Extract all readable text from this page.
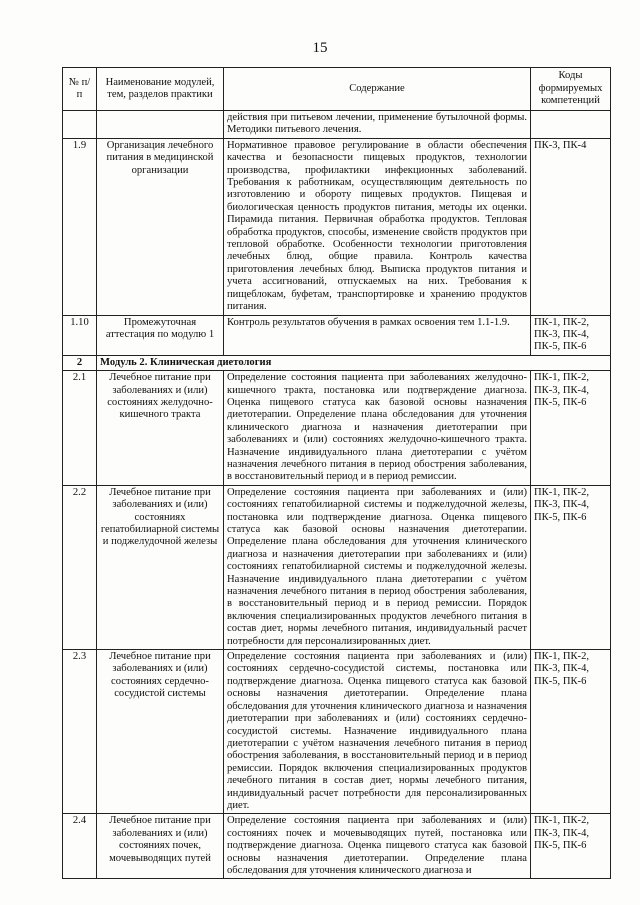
15
№ п/п	Наименование модулей, тем, разделов практики	Содержание	Коды формируемых компетенций
		действия при питьевом лечении, применение бутылочной формы. Методики питьевого лечения.	
1.9	Организация лечебного питания в медицинской организации	Нормативное правовое регулирование в области обеспечения качества и безопасности пищевых продуктов, технологии производства, профилактики инфекционных заболеваний. Требования к работникам, осуществляющим деятельность по изготовлению и обороту пищевых продуктов. Пищевая и биологическая ценность продуктов питания, методы их оценки. Пирамида питания. Первичная обработка продуктов. Тепловая обработка продуктов, способы, изменение свойств продуктов при тепловой обработке. Особенности технологии приготовления лечебных блюд, общие правила. Контроль качества приготовления лечебных блюд. Выписка продуктов питания и учета ассигнований, отпускаемых на них. Требования к пищеблокам, буфетам, транспортировке и хранению продуктов питания.	ПК-3, ПК-4
1.10	Промежуточная аттестация по модулю 1	Контроль результатов обучения в рамках освоения тем 1.1-1.9.	ПК-1, ПК-2, ПК-3, ПК-4, ПК-5, ПК-6
2	Модуль 2. Клиническая диетология		
2.1	Лечебное питание при заболеваниях и (или) состояниях желудочно-кишечного тракта	Определение состояния пациента при заболеваниях желудочно-кишечного тракта, постановка или подтверждение диагноза. Оценка пищевого статуса как базовой основы назначения диетотерапии. Определение плана обследования для уточнения клинического диагноза и назначения диетотерапии при заболеваниях и (или) состояниях желудочно-кишечного тракта. Назначение индивидуального плана диетотерапии с учётом назначения лечебного питания в период обострения заболевания, в восстановительный период и в период ремиссии.	ПК-1, ПК-2, ПК-3, ПК-4, ПК-5, ПК-6
2.2	Лечебное питание при заболеваниях и (или) состояниях гепатобилиарной системы и поджелудочной железы	Определение состояния пациента при заболеваниях и (или) состояниях гепатобилиарной системы и поджелудочной железы, постановка или подтверждение диагноза. Оценка пищевого статуса как базовой основы назначения диетотерапии. Определение плана обследования для уточнения клинического диагноза и назначения диетотерапии при заболеваниях и (или) состояниях гепатобилиарной системы и поджелудочной железы. Назначение индивидуального плана диетотерапии с учётом назначения лечебного питания в период обострения заболевания, в восстановительный период и в период ремиссии. Порядок включения специализированных продуктов лечебного питания в состав диет, нормы лечебного питания, индивидуальный расчет потребности для персонализированных диет.	ПК-1, ПК-2, ПК-3, ПК-4, ПК-5, ПК-6
2.3	Лечебное питание при заболеваниях и (или) состояниях сердечно-сосудистой системы	Определение состояния пациента при заболеваниях и (или) состояниях сердечно-сосудистой системы, постановка или подтверждение диагноза. Оценка пищевого статуса как базовой основы назначения диетотерапии. Определение плана обследования для уточнения клинического диагноза и назначения диетотерапии при заболеваниях и (или) состояниях сердечно-сосудистой системы. Назначение индивидуального плана диетотерапии с учётом назначения лечебного питания в период обострения заболевания, в восстановительный период и в период ремиссии. Порядок включения специализированных продуктов лечебного питания в состав диет, нормы лечебного питания, индивидуальный расчет потребности для персонализированных диет.	ПК-1, ПК-2, ПК-3, ПК-4, ПК-5, ПК-6
2.4	Лечебное питание при заболеваниях и (или) состояниях почек, мочевыводящих путей	Определение состояния пациента при заболеваниях и (или) состояниях почек и мочевыводящих путей, постановка или подтверждение диагноза. Оценка пищевого статуса как базовой основы назначения диетотерапии. Определение плана обследования для уточнения клинического диагноза и	ПК-1, ПК-2, ПК-3, ПК-4, ПК-5, ПК-6
